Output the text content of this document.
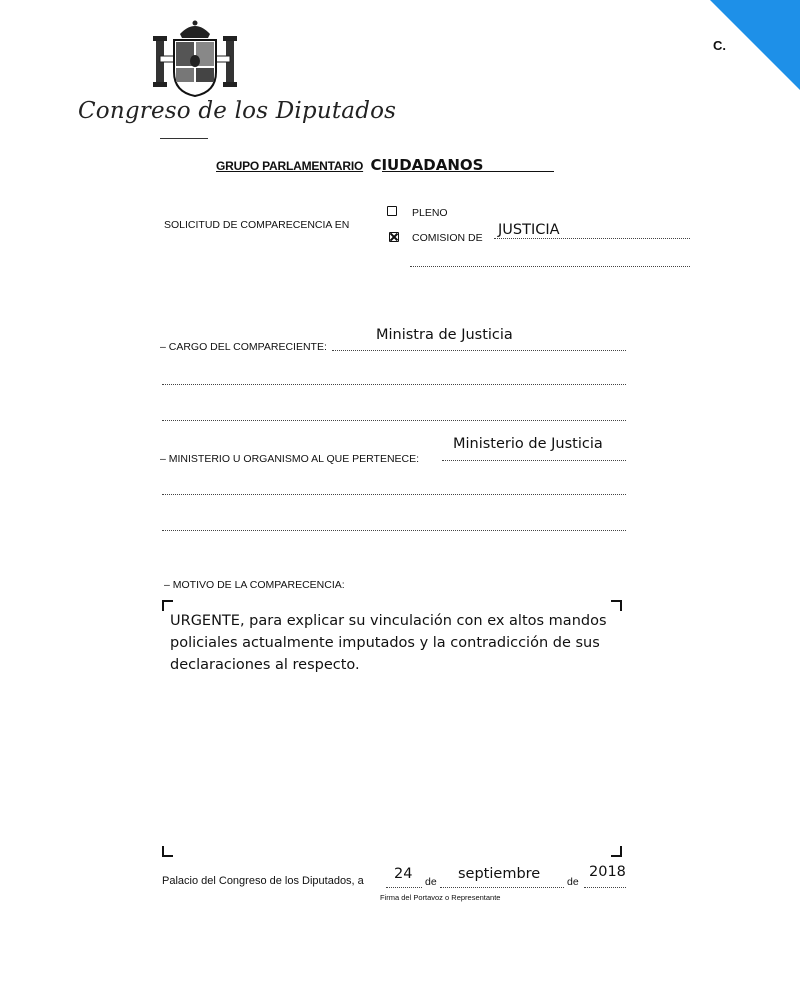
C.
Congreso de los Diputados
GRUPO PARLAMENTARIO CIUDADANOS
SOLICITUD DE COMPARECENCIA EN
PLENO
COMISION DE JUSTICIA
Ministra de Justicia
– CARGO DEL COMPARECIENTE:
Ministerio de Justicia
– MINISTERIO U ORGANISMO AL QUE PERTENECE:
– MOTIVO DE LA COMPARECENCIA:
URGENTE, para explicar su vinculación con ex altos mandos policiales actualmente imputados y la contradicción de sus declaraciones al respecto.
Palacio del Congreso de los Diputados, a 24 de septiembre	de
2018
Firma del Portavoz o Representante
